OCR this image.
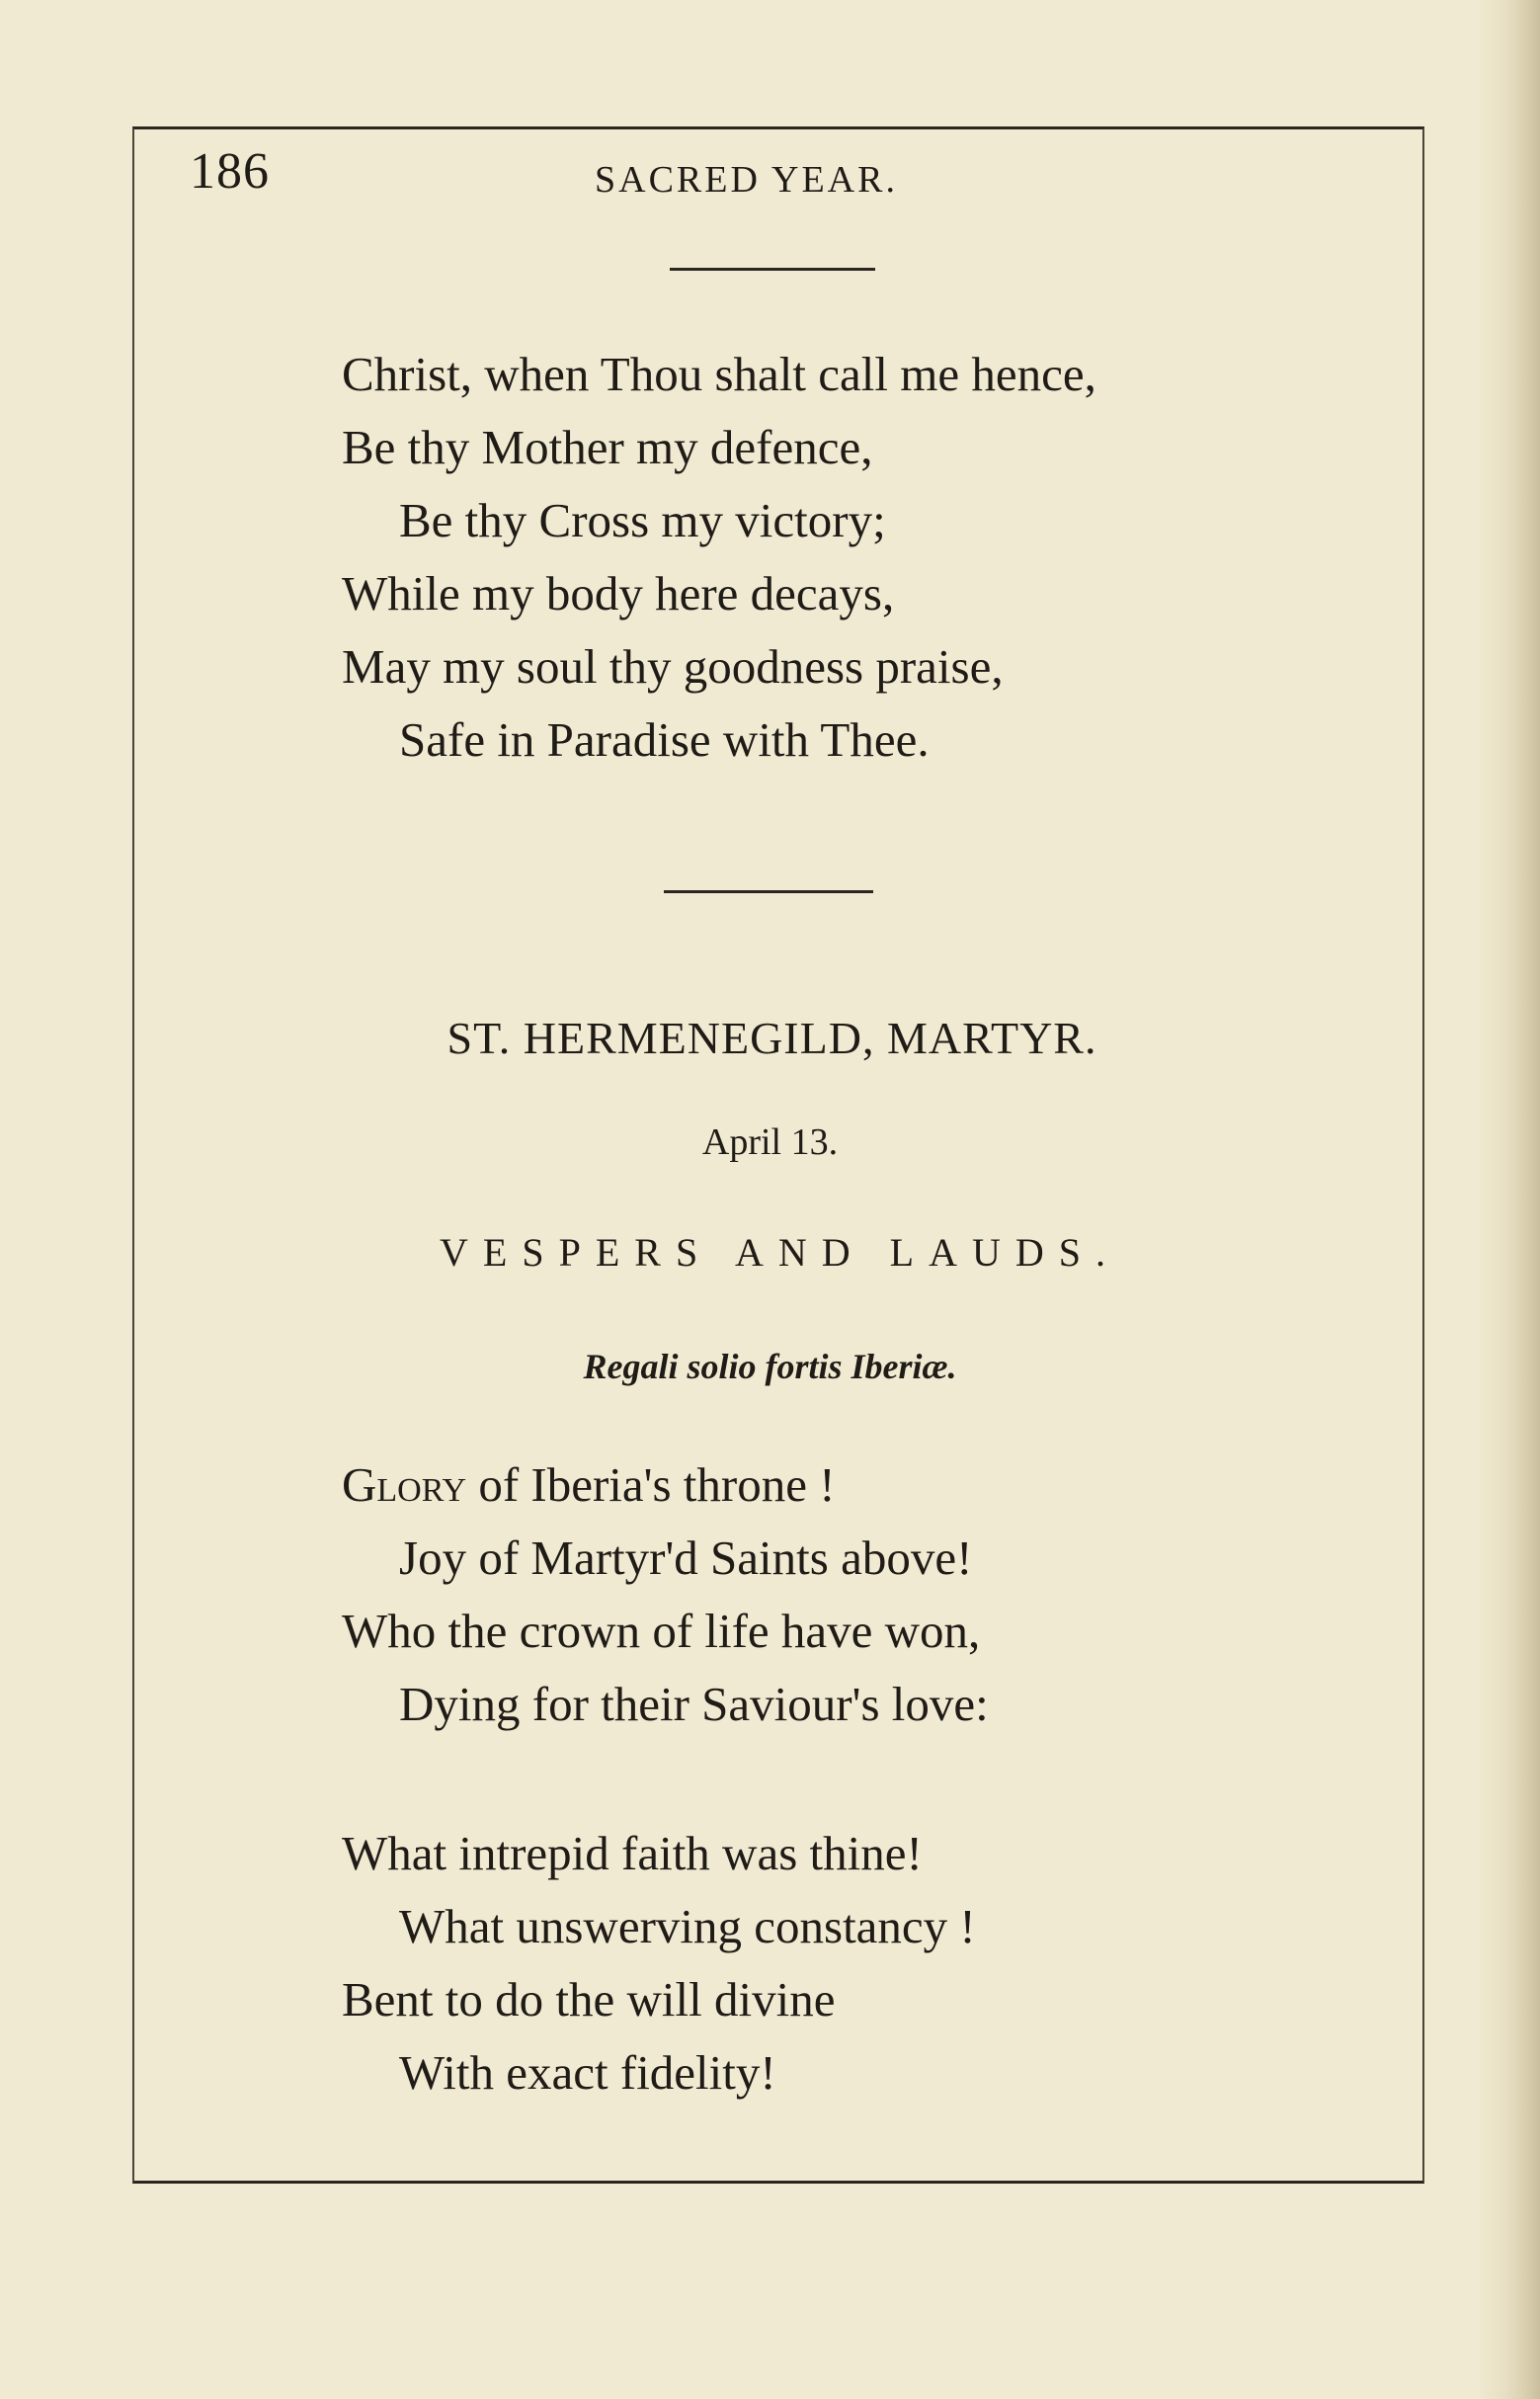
186	SACRED YEAR.
Christ, when Thou shalt call me hence,
Be thy Mother my defence,
Be thy Cross my victory;
While my body here decays,
May my soul thy goodness praise,
Safe in Paradise with Thee.
ST. HERMENEGILD, MARTYR.
April 13.
VESPERS AND LAUDS.
Regali solio fortis Iberiæ.
Glory of Iberia's throne !
Joy of Martyr'd Saints above!
Who the crown of life have won,
Dying for their Saviour's love:
What intrepid faith was thine!
What unswerving constancy !
Bent to do the will divine
With exact fidelity!
